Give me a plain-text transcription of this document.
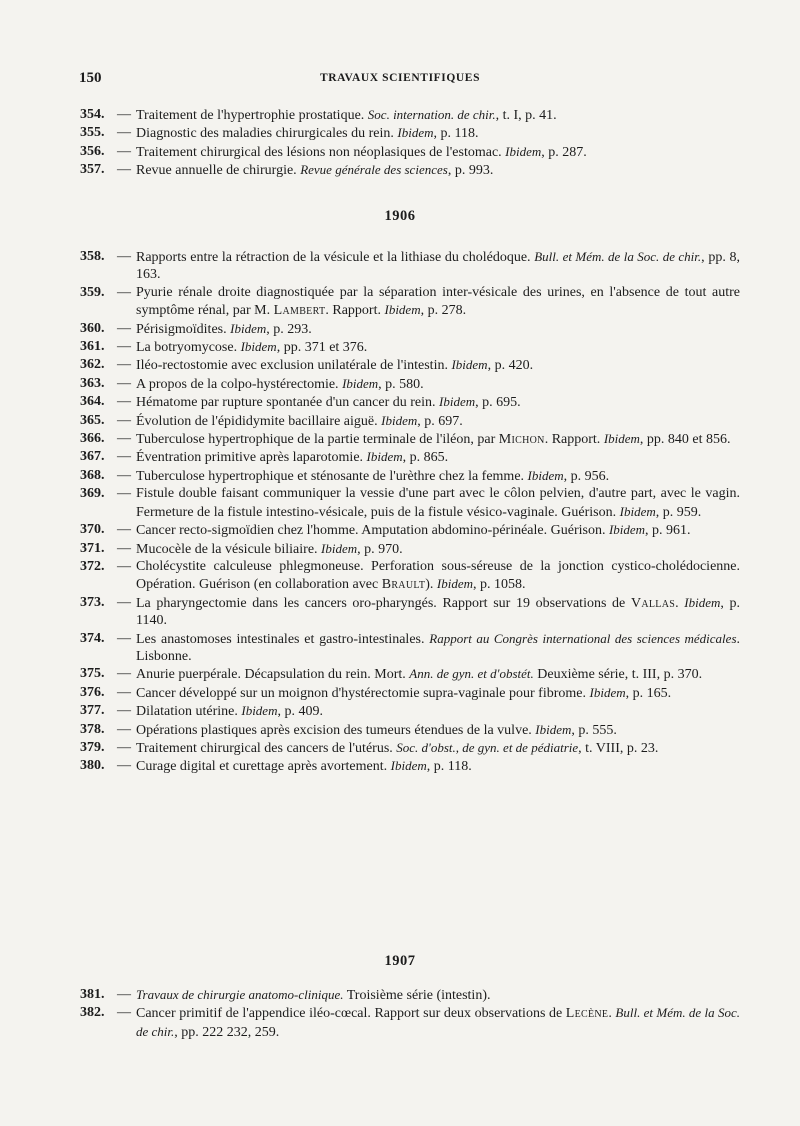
150	TRAVAUX SCIENTIFIQUES
354. — Traitement de l'hypertrophie prostatique. Soc. internation. de chir., t. I, p. 41.
355. — Diagnostic des maladies chirurgicales du rein. Ibidem, p. 118.
356. — Traitement chirurgical des lésions non néoplasiques de l'estomac. Ibidem, p. 287.
357. — Revue annuelle de chirurgie. Revue générale des sciences, p. 993.
1906
358. — Rapports entre la rétraction de la vésicule et la lithiase du cholédoque. Bull. et Mém. de la Soc. de chir., pp. 8, 163.
359. — Pyurie rénale droite diagnostiquée par la séparation inter-vésicale des urines, en l'absence de tout autre symptôme rénal, par M. Lambert. Rapport. Ibidem, p. 278.
360. — Périsigmoïdites. Ibidem, p. 293.
361. — La botryomycose. Ibidem, pp. 371 et 376.
362. — Iléo-rectostomie avec exclusion unilatérale de l'intestin. Ibidem, p. 420.
363. — A propos de la colpo-hystérectomie. Ibidem, p. 580.
364. — Hématome par rupture spontanée d'un cancer du rein. Ibidem, p. 695.
365. — Évolution de l'épididymite bacillaire aiguë. Ibidem, p. 697.
366. — Tuberculose hypertrophique de la partie terminale de l'iléon, par Michon. Rapport. Ibidem, pp. 840 et 856.
367. — Éventration primitive après laparotomie. Ibidem, p. 865.
368. — Tuberculose hypertrophique et sténosante de l'urèthre chez la femme. Ibidem, p. 956.
369. — Fistule double faisant communiquer la vessie d'une part avec le côlon pelvien, d'autre part, avec le vagin. Fermeture de la fistule intestino-vésicale, puis de la fistule vésico-vaginale. Guérison. Ibidem, p. 959.
370. — Cancer recto-sigmoïdien chez l'homme. Amputation abdomino-périnéale. Guérison. Ibidem, p. 961.
371. — Mucocèle de la vésicule biliaire. Ibidem, p. 970.
372. — Cholécystite calculeuse phlegmoneuse. Perforation sous-séreuse de la jonction cystico-cholédocienne. Opération. Guérison (en collaboration avec Brault). Ibidem, p. 1058.
373. — La pharyngectomie dans les cancers oro-pharyngés. Rapport sur 19 observations de Vallas. Ibidem, p. 1140.
374. — Les anastomoses intestinales et gastro-intestinales. Rapport au Congrès international des sciences médicales. Lisbonne.
375. — Anurie puerpérale. Décapsulation du rein. Mort. Ann. de gyn. et d'obstét. Deuxième série, t. III, p. 370.
376. — Cancer développé sur un moignon d'hystérectomie supra-vaginale pour fibrome. Ibidem, p. 165.
377. — Dilatation utérine. Ibidem, p. 409.
378. — Opérations plastiques après excision des tumeurs étendues de la vulve. Ibidem, p. 555.
379. — Traitement chirurgical des cancers de l'utérus. Soc. d'obst., de gyn. et de pédiatrie, t. VIII, p. 23.
380. — Curage digital et curettage après avortement. Ibidem, p. 118.
1907
381. — Travaux de chirurgie anatomo-clinique. Troisième série (intestin).
382. — Cancer primitif de l'appendice iléo-cœcal. Rapport sur deux observations de Lecène. Bull. et Mém. de la Soc. de chir., pp. 222 232, 259.
